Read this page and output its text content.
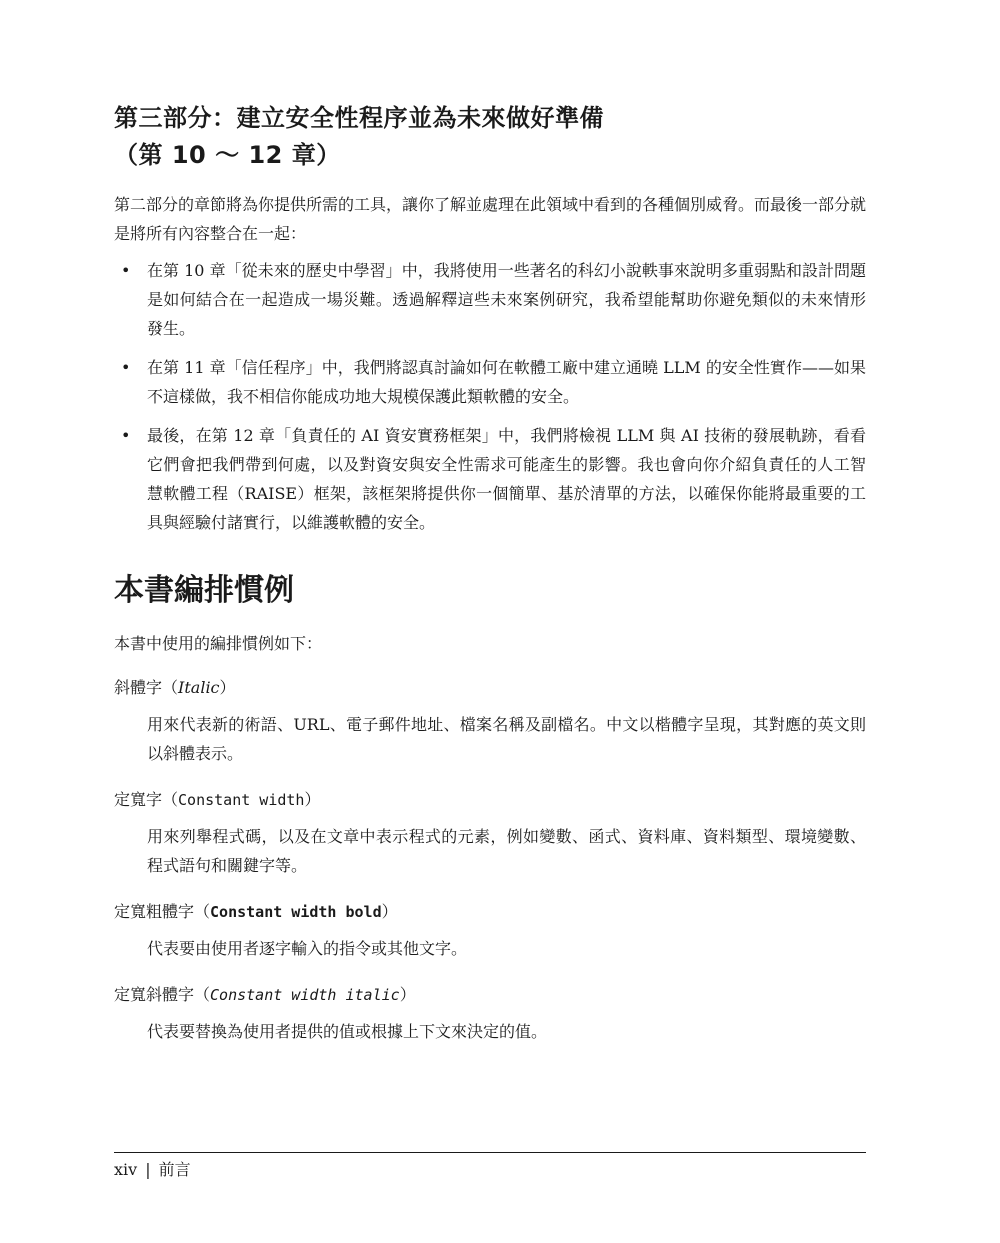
第三部分：建立安全性程序並為未來做好準備
（第 10 ～ 12 章）

第二部分的章節將為你提供所需的工具，讓你了解並處理在此領域中看到的各種個別威脅。而最後一部分就是將所有內容整合在一起：

• 在第 10 章「從未來的歷史中學習」中，我將使用一些著名的科幻小說軼事來說明多重弱點和設計問題是如何結合在一起造成一場災難。透過解釋這些未來案例研究，我希望能幫助你避免類似的未來情形發生。
• 在第 11 章「信任程序」中，我們將認真討論如何在軟體工廠中建立通曉 LLM 的安全性實作——如果不這樣做，我不相信你能成功地大規模保護此類軟體的安全。
• 最後，在第 12 章「負責任的 AI 資安實務框架」中，我們將檢視 LLM 與 AI 技術的發展軌跡，看看它們會把我們帶到何處，以及對資安與安全性需求可能產生的影響。我也會向你介紹負責任的人工智慧軟體工程（RAISE）框架，該框架將提供你一個簡單、基於清單的方法，以確保你能將最重要的工具與經驗付諸實行，以維護軟體的安全。
本書編排慣例

本書中使用的編排慣例如下：

斜體字（Italic）

用來代表新的術語、URL、電子郵件地址、檔案名稱及副檔名。中文以楷體字呈現，其對應的英文則以斜體表示。

定寬字（Constant width）

用來列舉程式碼，以及在文章中表示程式的元素，例如變數、函式、資料庫、資料類型、環境變數、程式語句和關鍵字等。

定寬粗體字（Constant width bold）

代表要由使用者逐字輸入的指令或其他文字。

定寬斜體字（Constant width italic）

代表要替換為使用者提供的值或根據上下文來決定的值。

xiv | 前言
